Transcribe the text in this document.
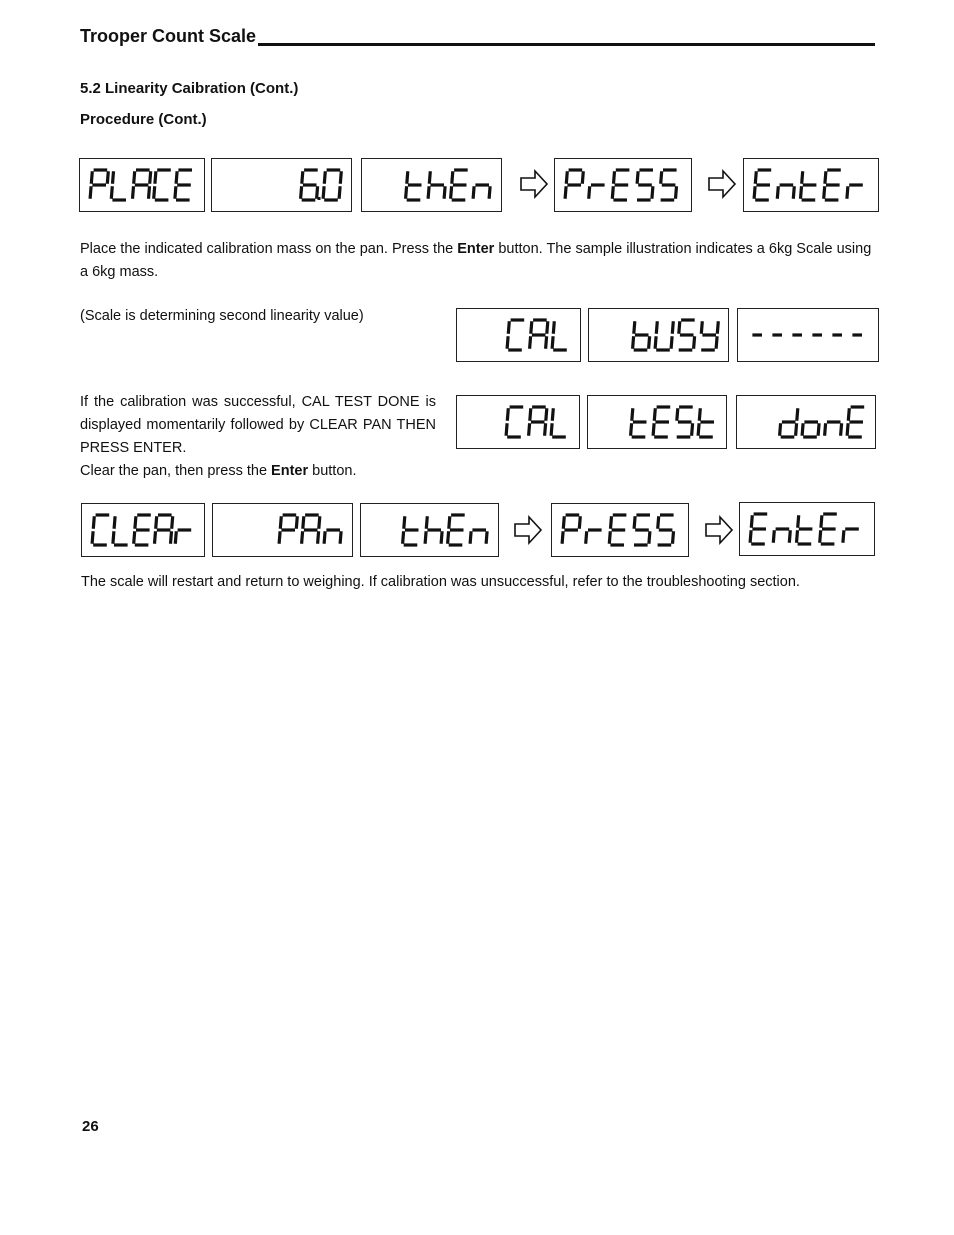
Trooper Count Scale
5.2 Linearity Caibration (Cont.)
Procedure (Cont.)

Place the indicated calibration mass on the pan. Press the Enter button. The sample illustration indicates a 6kg Scale using a 6kg mass.

(Scale is determining second linearity value)

If the calibration was successful, CAL TEST DONE is displayed momentarily followed by CLEAR PAN THEN PRESS ENTER.
Clear the pan, then press the Enter button.

The scale will restart and return to weighing. If calibration was unsuccessful, refer to the troubleshooting section.

26
